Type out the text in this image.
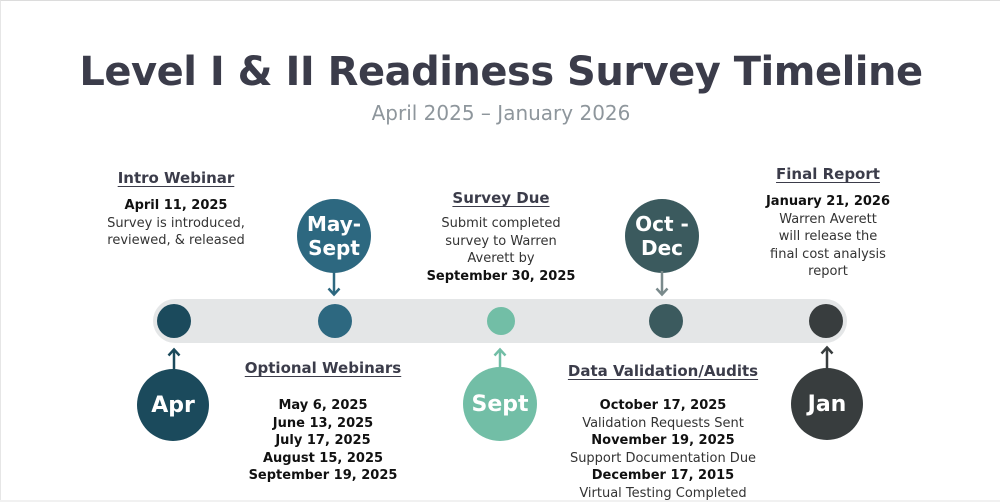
Level I & II Readiness Survey Timeline
April 2025 – January 2026
Apr
Intro Webinar
April 11, 2025
Survey is introduced,
reviewed, & released
May-
Sept
Optional Webinars
May 6, 2025
June 13, 2025
July 17, 2025
August 15, 2025
September 19, 2025
Sept
Survey Due
Submit completed
survey to Warren
Averett by
September 30, 2025
Oct -
Dec
Data Validation/Audits
October 17, 2025
Validation Requests Sent
November 19, 2025
Support Documentation Due
December 17, 2015
Virtual Testing Completed
Jan
Final Report
January 21, 2026
Warren Averett
will release the
final cost analysis
report
